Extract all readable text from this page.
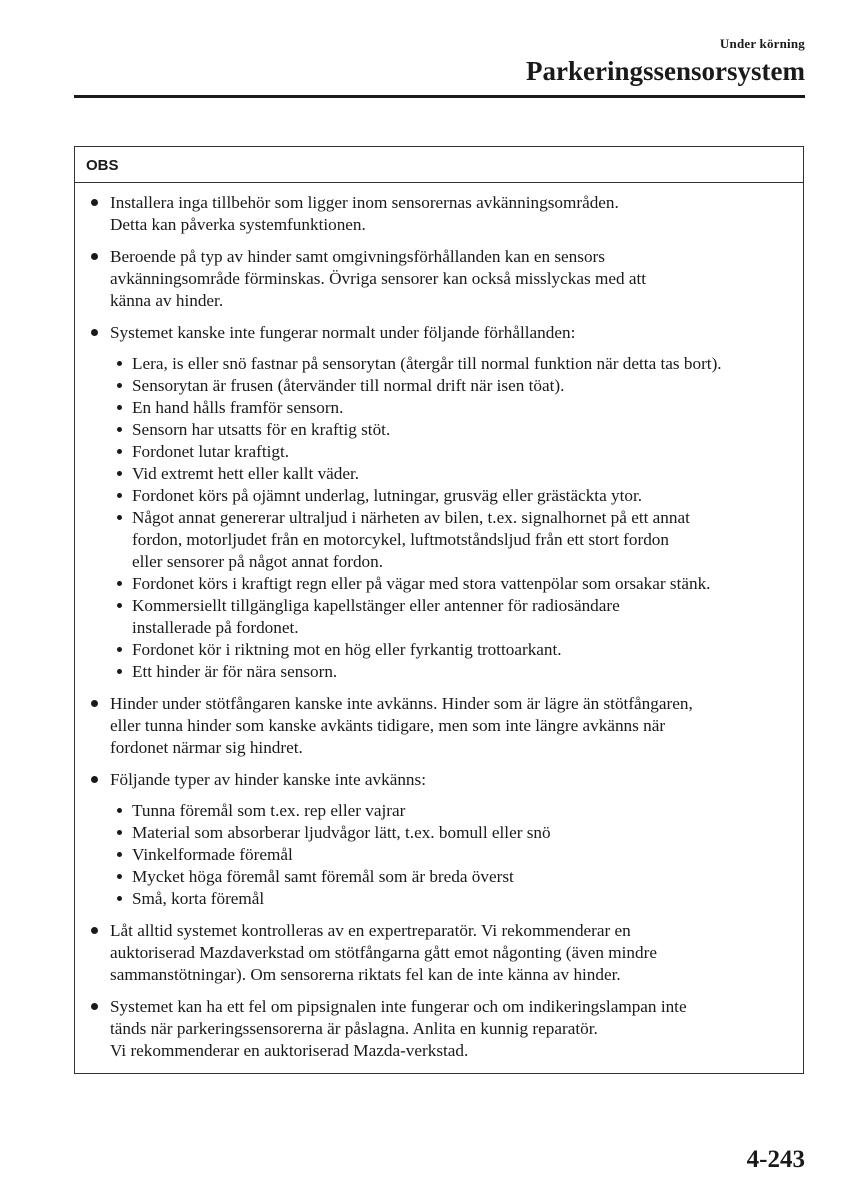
Under körning
Parkeringssensorsystem
OBS
Installera inga tillbehör som ligger inom sensorernas avkänningsområden.
Detta kan påverka systemfunktionen.
Beroende på typ av hinder samt omgivningsförhållanden kan en sensors
avkänningsområde förminskas. Övriga sensorer kan också misslyckas med att
känna av hinder.
Systemet kanske inte fungerar normalt under följande förhållanden:
Lera, is eller snö fastnar på sensorytan (återgår till normal funktion när detta tas bort).
Sensorytan är frusen (återvänder till normal drift när isen töat).
En hand hålls framför sensorn.
Sensorn har utsatts för en kraftig stöt.
Fordonet lutar kraftigt.
Vid extremt hett eller kallt väder.
Fordonet körs på ojämnt underlag, lutningar, grusväg eller grästäckta ytor.
Något annat genererar ultraljud i närheten av bilen, t.ex. signalhornet på ett annat
fordon, motorljudet från en motorcykel, luftmotståndsljud från ett stort fordon
eller sensorer på något annat fordon.
Fordonet körs i kraftigt regn eller på vägar med stora vattenpölar som orsakar stänk.
Kommersiellt tillgängliga kapellstänger eller antenner för radiosändare
installerade på fordonet.
Fordonet kör i riktning mot en hög eller fyrkantig trottoarkant.
Ett hinder är för nära sensorn.
Hinder under stötfångaren kanske inte avkänns. Hinder som är lägre än stötfångaren,
eller tunna hinder som kanske avkänts tidigare, men som inte längre avkänns när
fordonet närmar sig hindret.
Följande typer av hinder kanske inte avkänns:
Tunna föremål som t.ex. rep eller vajrar
Material som absorberar ljudvågor lätt, t.ex. bomull eller snö
Vinkelformade föremål
Mycket höga föremål samt föremål som är breda överst
Små, korta föremål
Låt alltid systemet kontrolleras av en expertreparatör. Vi rekommenderar en
auktoriserad Mazdaverkstad om stötfångarna gått emot någonting (även mindre
sammanstötningar). Om sensorerna riktats fel kan de inte känna av hinder.
Systemet kan ha ett fel om pipsignalen inte fungerar och om indikeringslampan inte
tänds när parkeringssensorerna är påslagna. Anlita en kunnig reparatör.
Vi rekommenderar en auktoriserad Mazda-verkstad.
4-243
